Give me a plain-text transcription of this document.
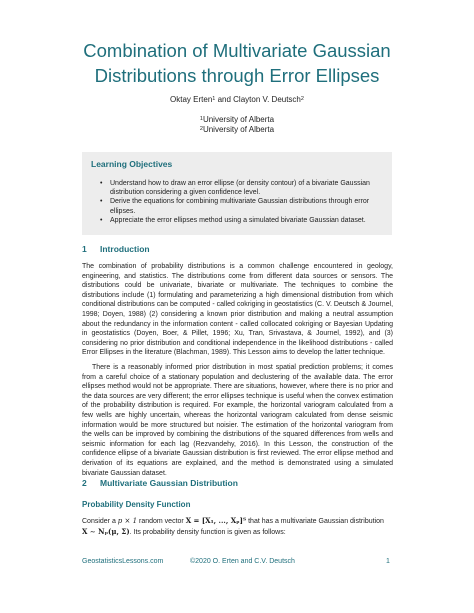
Combination of Multivariate Gaussian
Distributions through Error Ellipses
Oktay Erten$^1$ and Clayton V. Deutsch$^2$
$^1$University of Alberta
$^2$University of Alberta
Learning Objectives
• Understand how to draw an error ellipse (or density contour) of a bivariate Gaussian distribution considering a given confidence level.
• Derive the equations for combining multivariate Gaussian distributions through error ellipses.
• Appreciate the error ellipses method using a simulated bivariate Gaussian dataset.
1 Introduction

The combination of probability distributions is a common challenge encountered in geology, engineering, and statistics. The distributions come from different data sources or sensors. The distributions could be univariate, bivariate or multivariate. The techniques to combine the distributions include (1) formulating and parameterizing a high dimensional distribution from which conditional distributions can be computed - called cokriging in geostatistics (C. V. Deutsch & Journel, 1998; Doyen, 1988) (2) considering a known prior distribution and making a neutral assumption about the redundancy in the information content - called collocated cokriging or Bayesian Updating in geostatistics (Doyen, Boer, & Pillet, 1996; Xu, Tran, Srivastava, & Journel, 1992), and (3) considering no prior distribution and conditional independence in the likelihood distributions - called Error Ellipses in the literature (Blachman, 1989). This Lesson aims to develop the latter technique.

There is a reasonably informed prior distribution in most spatial prediction problems; it comes from a careful choice of a stationary population and declustering of the available data. The error ellipses method would not be appropriate. There are situations, however, where there is no prior and the data sources are very different; the error ellipses technique is useful when the convex estimation of the probability distribution is required. For example, the horizontal variogram calculated from a few wells are highly uncertain, whereas the horizontal variogram calculated from dense seismic information would be more structured but noisier. The estimation of the horizontal variogram from the wells can be improved by combining the distributions of the squared differences from wells and seismic information for each lag (Rezvandehy, 2016). In this Lesson, the construction of the confidence ellipse of a bivariate Gaussian distribution is first reviewed. The error ellipse method and derivation of its equations are explained, and the method is demonstrated using a simulated bivariate Gaussian dataset.

2 Multivariate Gaussian Distribution
Probability Density Function

Consider a p × 1 random vector X = [X₁, ..., Xₚ]ᵀ that has a multivariate Gaussian distribution
X ∼ Nₚ(μ, Σ). Its probability density function is given as follows:

GeostatisticsLessons.com	©2020 O. Erten and C.V. Deutsch	1
